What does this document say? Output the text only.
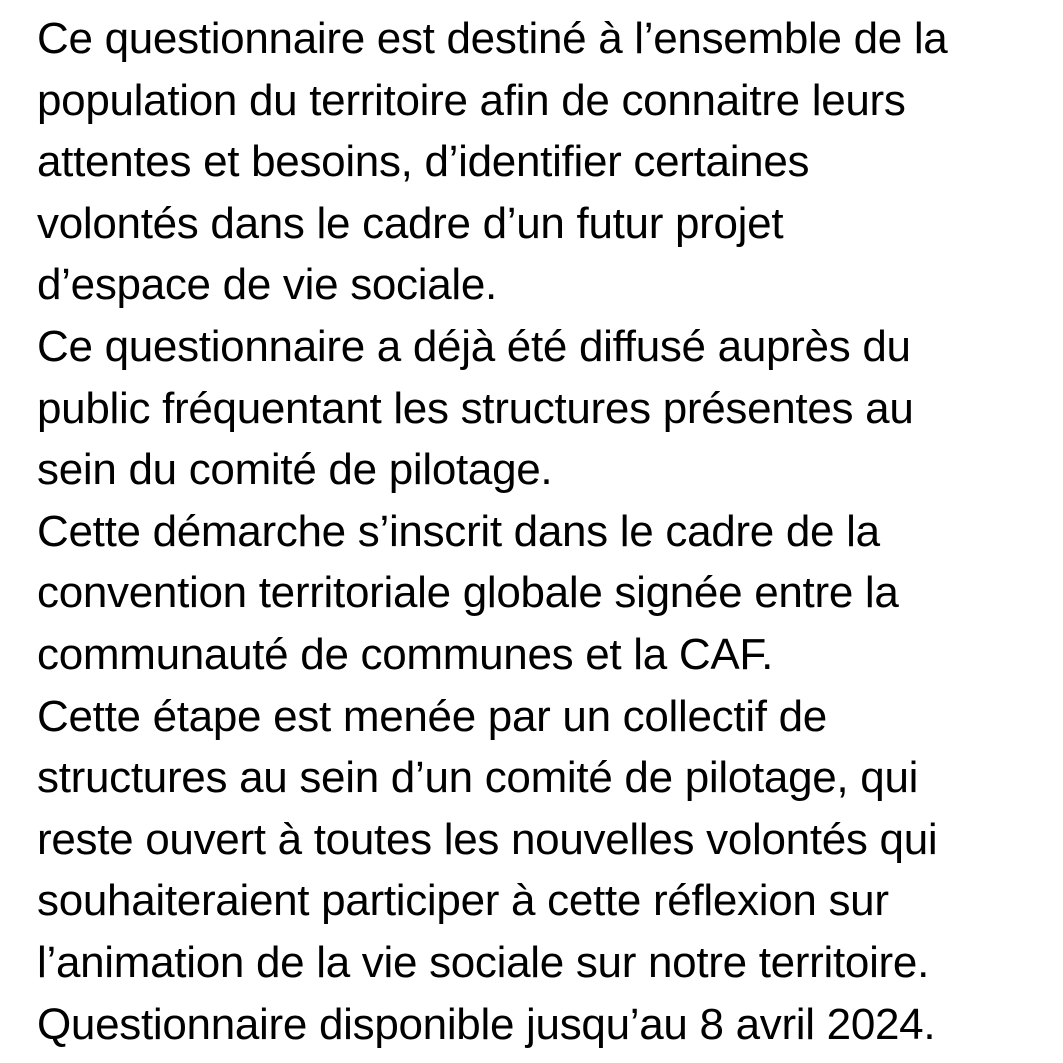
Ce questionnaire est destiné à l’ensemble de la
population du territoire afin de connaitre leurs
attentes et besoins, d’identifier certaines
volontés dans le cadre d’un futur projet
d’espace de vie sociale.
Ce questionnaire a déjà été diffusé auprès du
public fréquentant les structures présentes au
sein du comité de pilotage.
Cette démarche s’inscrit dans le cadre de la
convention territoriale globale signée entre la
communauté de communes et la CAF.
Cette étape est menée par un collectif de
structures au sein d’un comité de pilotage, qui
reste ouvert à toutes les nouvelles volontés qui
souhaiteraient participer à cette réflexion sur
l’animation de la vie sociale sur notre territoire.
Questionnaire disponible jusqu’au 8 avril 2024.
